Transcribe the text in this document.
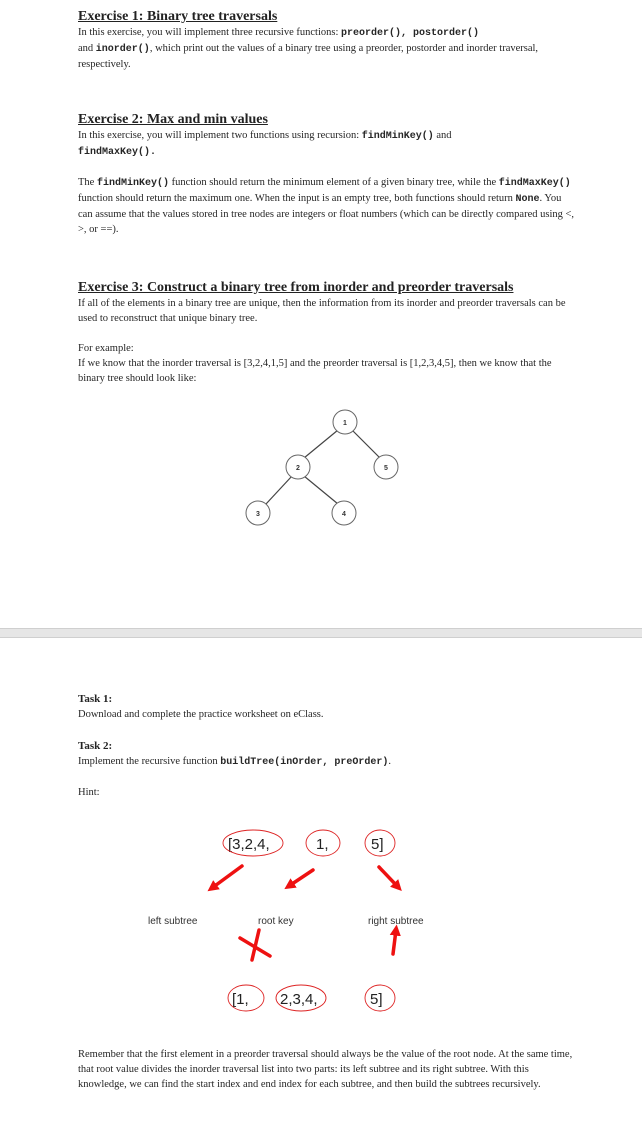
Exercise 1: Binary tree traversals

In this exercise, you will implement three recursive functions: preorder(), postorder()
and inorder(), which print out the values of a binary tree using a preorder, postorder and inorder traversal, respectively.

Exercise 2: Max and min values

In this exercise, you will implement two functions using recursion: findMinKey() and
findMaxKey().

The findMinKey() function should return the minimum element of a given binary tree, while the findMaxKey() function should return the maximum one. When the input is an empty tree, both functions should return None. You can assume that the values stored in tree nodes are integers or float numbers (which can be directly compared using <, >, or ==).

Exercise 3: Construct a binary tree from inorder and preorder traversals

If all of the elements in a binary tree are unique, then the information from its inorder and preorder traversals can be used to reconstruct that unique binary tree.

For example:

If we know that the inorder traversal is [3,2,4,1,5] and the preorder traversal is [1,2,3,4,5], then we know that the binary tree should look like:

1
2	5
3	4

Task 1:

Download and complete the practice worksheet on eClass.

Task 2:

Implement the recursive function buildTree(inOrder, preOrder).

Hint:

[3,2,4,	1,	5]
left subtree	root key	right subtree
[1, 2,3,4,	5]

Remember that the first element in a preorder traversal should always be the value of the root node. At the same time, that root value divides the inorder traversal list into two parts: its left subtree and its right subtree. With this knowledge, we can find the start index and end index for each subtree, and then build the subtrees recursively.
